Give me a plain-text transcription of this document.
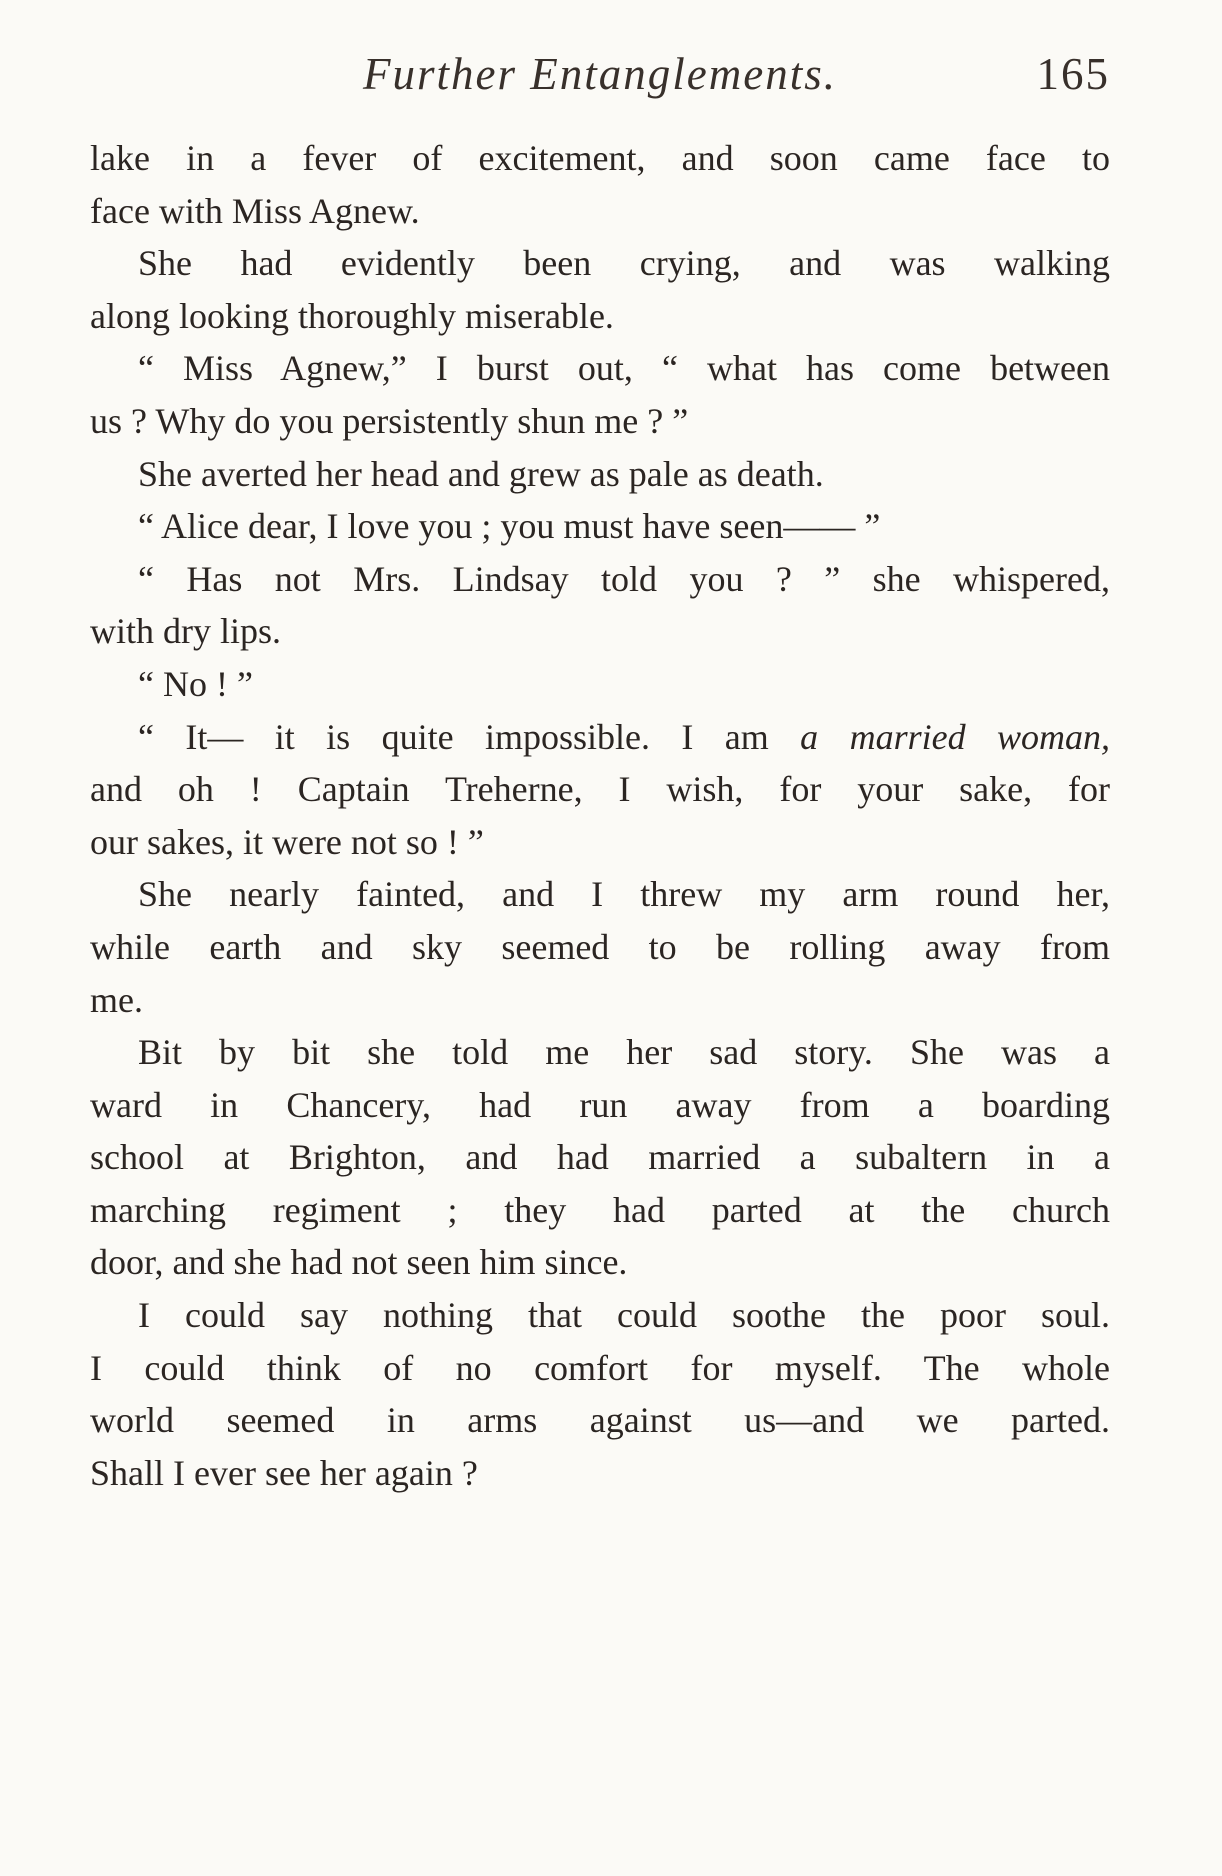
Further Entanglements.	165
lake in a fever of excitement, and soon came face to
face with Miss Agnew.
She had evidently been crying, and was walking
along looking thoroughly miserable.
“ Miss Agnew,” I burst out, “ what has come between
us ? Why do you persistently shun me ? ”
She averted her head and grew as pale as death.
“ Alice dear, I love you ; you must have seen—— ”
“ Has not Mrs. Lindsay told you ? ” she whispered,
with dry lips.
“ No ! ”
“ It— it is quite impossible. I am a married woman,
and oh ! Captain Treherne, I wish, for your sake, for
our sakes, it were not so ! ”
She nearly fainted, and I threw my arm round her,
while earth and sky seemed to be rolling away from
me.
Bit by bit she told me her sad story. She was a
ward in Chancery, had run away from a boarding
school at Brighton, and had married a subaltern in a
marching regiment ; they had parted at the church
door, and she had not seen him since.
I could say nothing that could soothe the poor soul.
I could think of no comfort for myself. The whole
world seemed in arms against us—and we parted.
Shall I ever see her again ?
